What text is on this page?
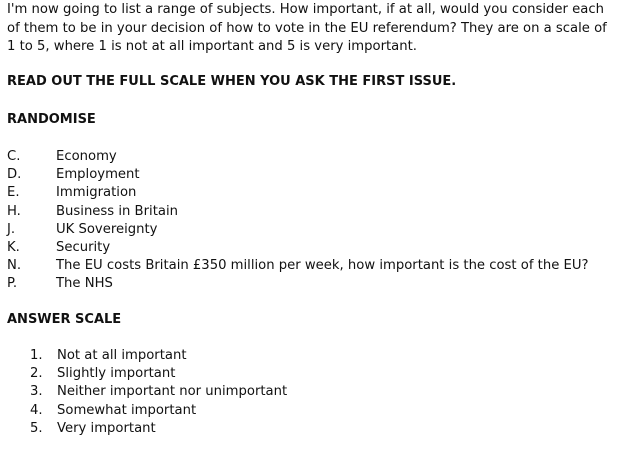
I'm now going to list a range of subjects. How important, if at all, would you consider each of them to be in your decision of how to vote in the EU referendum? They are on a scale of 1 to 5, where 1 is not at all important and 5 is very important.

READ OUT THE FULL SCALE WHEN YOU ASK THE FIRST ISSUE.

RANDOMISE

C.	Economy
D.	Employment
E.	Immigration
H.	Business in Britain
J.	UK Sovereignty
K.	Security
N.	The EU costs Britain £350 million per week, how important is the cost of the EU?
P.	The NHS

ANSWER SCALE

1. Not at all important
2. Slightly important
3. Neither important nor unimportant
4. Somewhat important
5. Very important
